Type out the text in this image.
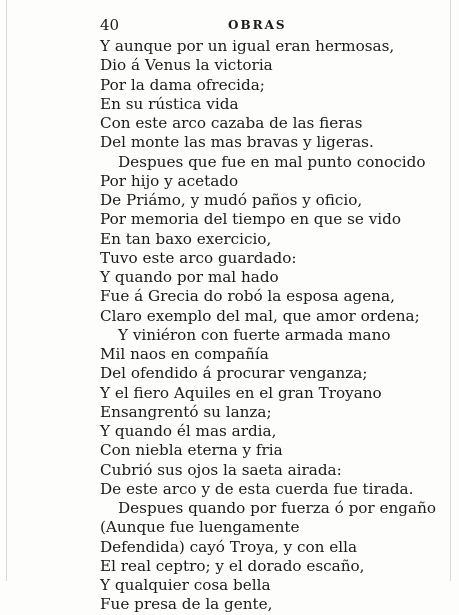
40	OBRAS
Y aunque por un igual eran hermosas,
Dio á Venus la victoria
Por la dama ofrecida;
En su rústica vida
Con este arco cazaba de las fieras
Del monte las mas bravas y ligeras.
Despues que fue en mal punto conocido
Por hijo y acetado
De Priámo, y mudó paños y oficio,
Por memoria del tiempo en que se vido
En tan baxo exercicio,
Tuvo este arco guardado:
Y quando por mal hado
Fue á Grecia do robó la esposa agena,
Claro exemplo del mal, que amor ordena;
Y viniéron con fuerte armada mano
Mil naos en compañía
Del ofendido á procurar venganza;
Y el fiero Aquiles en el gran Troyano
Ensangrentó su lanza;
Y quando él mas ardia,
Con niebla eterna y fria
Cubrió sus ojos la saeta airada:
De este arco y de esta cuerda fue tirada.
Despues quando por fuerza ó por engaño
(Aunque fue luengamente
Defendida) cayó Troya, y con ella
El real ceptro; y el dorado escaño,
Y qualquier cosa bella
Fue presa de la gente,
